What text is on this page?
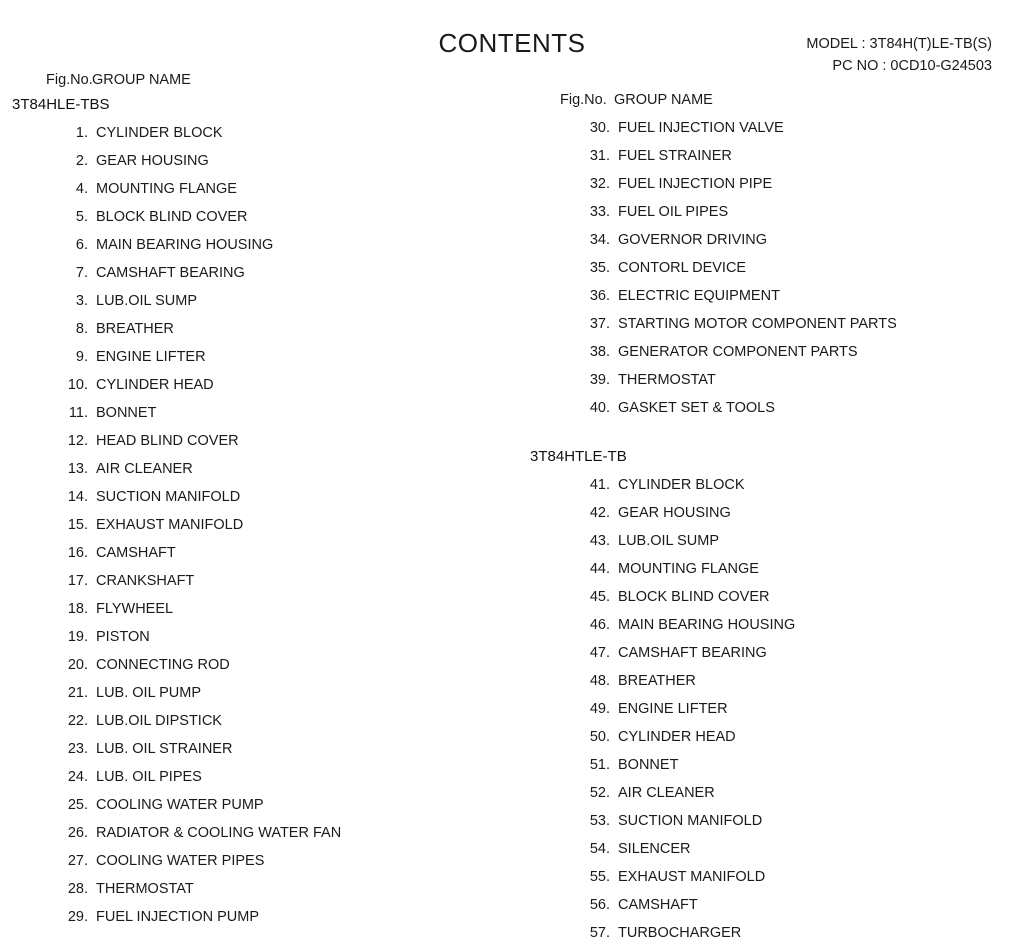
CONTENTS	MODEL : 3T84H(T)LE-TB(S)
PC NO : 0CD10-G24503
Fig.No. GROUP NAME
3T84HLE-TBS
1. CYLINDER BLOCK
2. GEAR HOUSING
4. MOUNTING FLANGE
5. BLOCK BLIND COVER
6. MAIN BEARING HOUSING
7. CAMSHAFT BEARING
3. LUB.OIL SUMP
8. BREATHER
9. ENGINE LIFTER
10. CYLINDER HEAD
11. BONNET
12. HEAD BLIND COVER
13. AIR CLEANER
14. SUCTION MANIFOLD
15. EXHAUST MANIFOLD
16. CAMSHAFT
17. CRANKSHAFT
18. FLYWHEEL
19. PISTON
20. CONNECTING ROD
21. LUB. OIL PUMP
22. LUB.OIL DIPSTICK
23. LUB. OIL STRAINER
24. LUB. OIL PIPES
25. COOLING WATER PUMP
26. RADIATOR & COOLING WATER FAN
27. COOLING WATER PIPES
28. THERMOSTAT
29. FUEL INJECTION PUMP
Fig.No. GROUP NAME
30. FUEL INJECTION VALVE
31. FUEL STRAINER
32. FUEL INJECTION PIPE
33. FUEL OIL PIPES
34. GOVERNOR DRIVING
35. CONTORL DEVICE
36. ELECTRIC EQUIPMENT
37. STARTING MOTOR COMPONENT PARTS
38. GENERATOR COMPONENT PARTS
39. THERMOSTAT
40. GASKET SET & TOOLS
3T84HTLE-TB
41. CYLINDER BLOCK
42. GEAR HOUSING
43. LUB.OIL SUMP
44. MOUNTING FLANGE
45. BLOCK BLIND COVER
46. MAIN BEARING HOUSING
47. CAMSHAFT BEARING
48. BREATHER
49. ENGINE LIFTER
50. CYLINDER HEAD
51. BONNET
52. AIR CLEANER
53. SUCTION MANIFOLD
54. SILENCER
55. EXHAUST MANIFOLD
56. CAMSHAFT
57. TURBOCHARGER
